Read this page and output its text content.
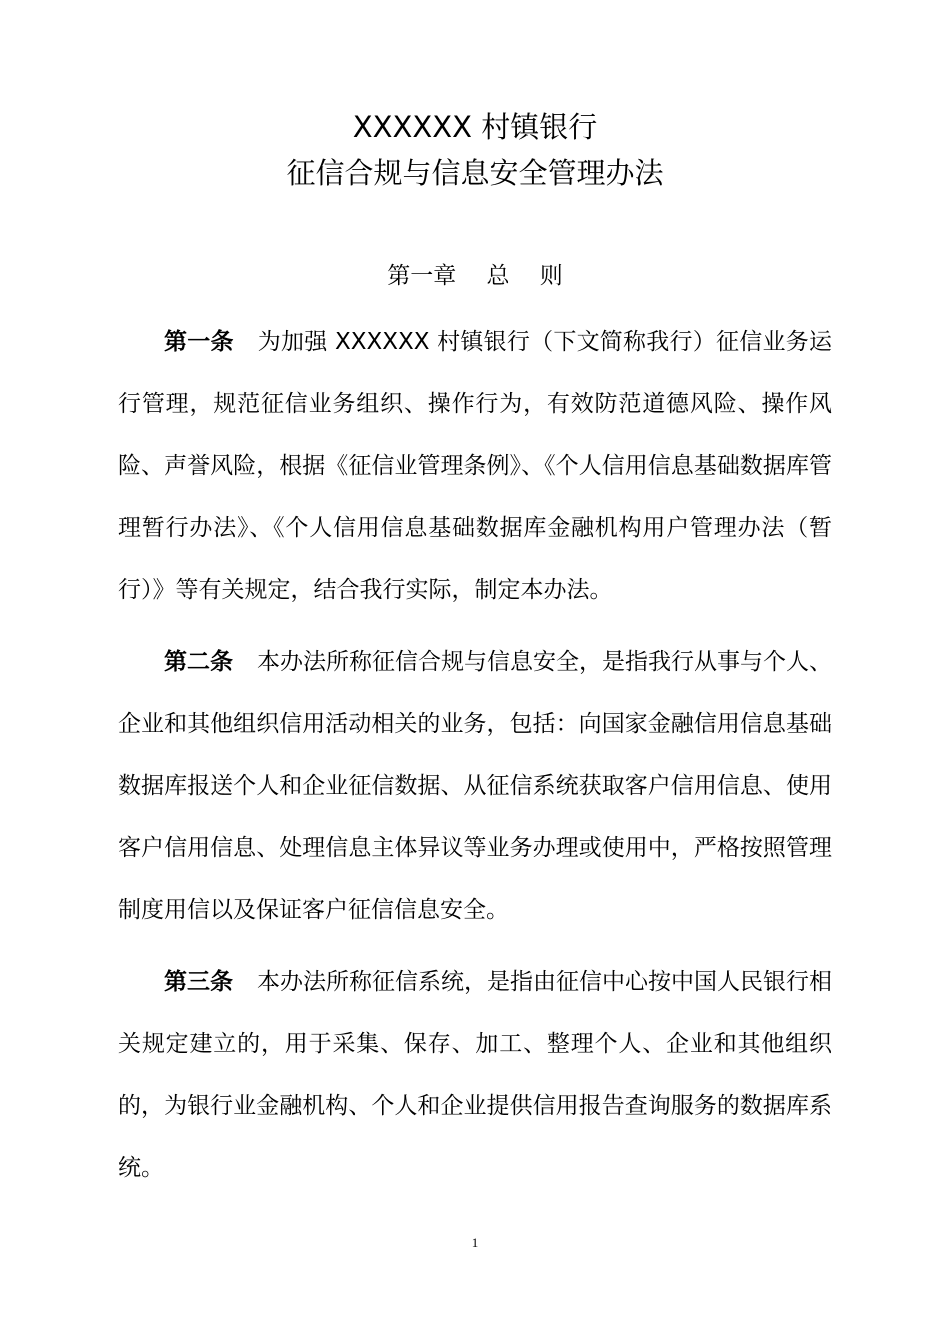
XXXXXX 村镇银行
征信合规与信息安全管理办法
第一章　 总　 则

第一条 为加强 XXXXXX 村镇银行（下文简称我行）征信业务运行管理，规范征信业务组织、操作行为，有效防范道德风险、操作风险、声誉风险，根据《征信业管理条例》、《个人信用信息基础数据库管理暂行办法》、《个人信用信息基础数据库金融机构用户管理办法（暂行）》等有关规定，结合我行实际，制定本办法。

第二条 本办法所称征信合规与信息安全，是指我行从事与个人、企业和其他组织信用活动相关的业务，包括：向国家金融信用信息基础数据库报送个人和企业征信数据、从征信系统获取客户信用信息、使用客户信用信息、处理信息主体异议等业务办理或使用中，严格按照管理制度用信以及保证客户征信信息安全。

第三条 本办法所称征信系统，是指由征信中心按中国人民银行相关规定建立的，用于采集、保存、加工、整理个人、企业和其他组织的，为银行业金融机构、个人和企业提供信用报告查询服务的数据库系统。

1
